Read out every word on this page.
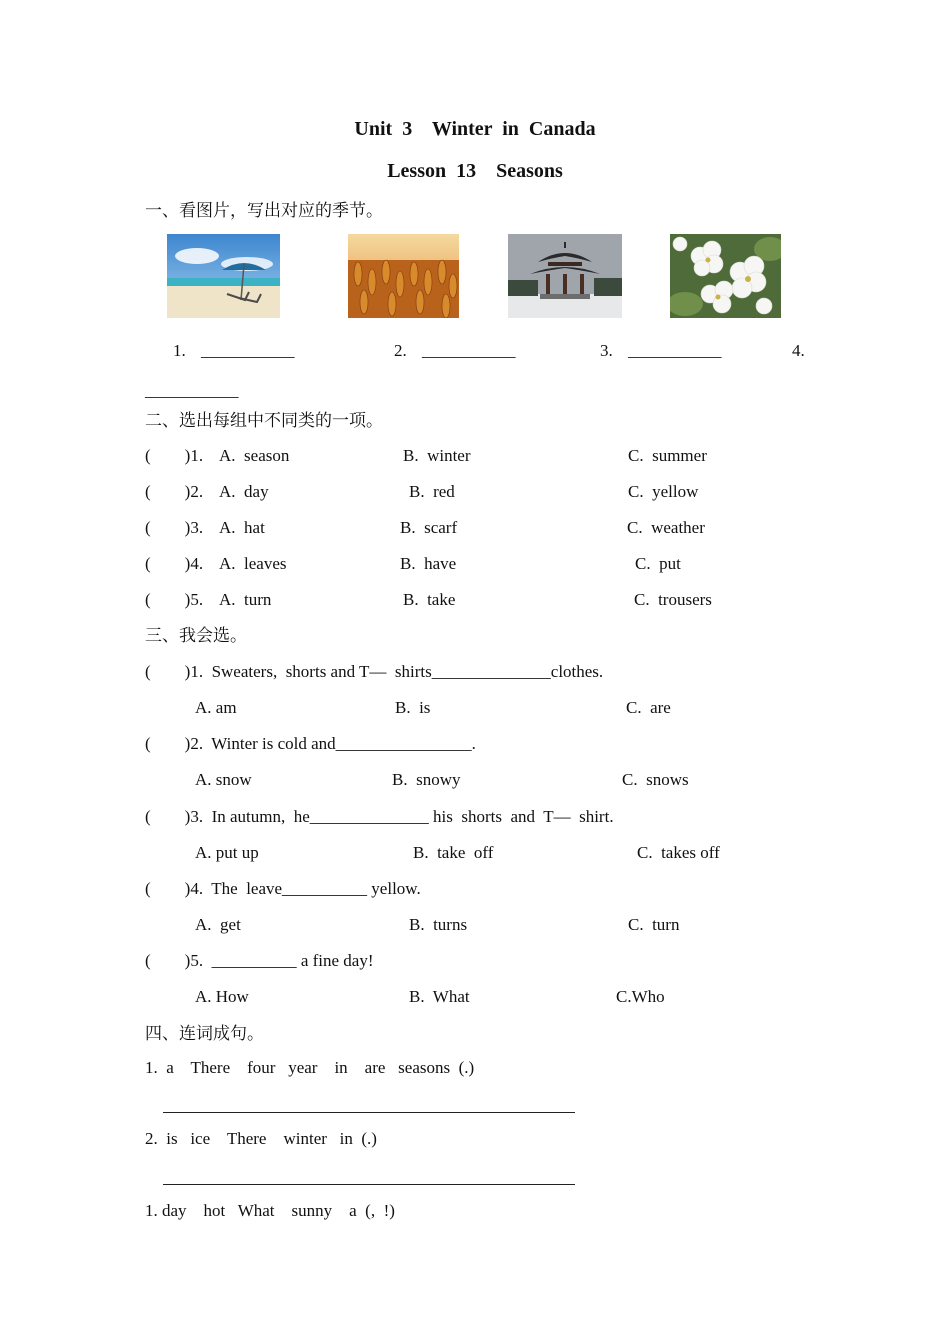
Unit  3    Winter  in  Canada
Lesson  13    Seasons
一、看图片，写出对应的季节。
1. ___________	2. ___________	3. ___________	4.
___________
二、选出每组中不同类的一项。
(        )1. A.  season	B.  winter	C.  summer
(        )2. A.  day	B.  red	C.  yellow
(        )3. A.  hat	B.  scarf	C.  weather
(        )4. A.  leaves	B.  have	C.  put
(        )5. A.  turn	B.  take	C.  trousers
三、我会选。
(        )1.  Sweaters,  shorts and T—  shirts______________clothes.
A. am	B.  is	C.  are
(        )2.  Winter is cold and________________.
A. snow	B.  snowy	C.  snows
(        )3.  In autumn,  he______________ his  shorts  and  T—  shirt.
A. put up	B.  take  off	C.  takes off
(        )4.  The  leave__________ yellow.
A.  get	B.  turns	C.  turn
(        )5.  __________ a fine day!
A. How	B.  What	C.Who
四、连词成句。
1.  a    There    four   year    in    are   seasons  (.)
2.  is   ice    There    winter   in  (.)
1. day    hot   What    sunny    a  (,  !)
